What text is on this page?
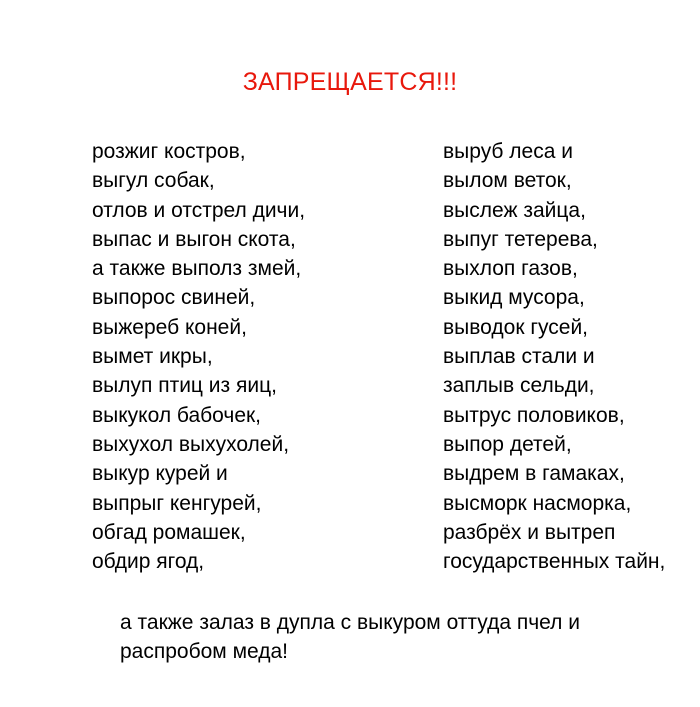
ЗАПРЕЩАЕТСЯ!!!
розжиг костров,
выгул собак,
отлов и отстрел дичи,
выпас и выгон скота,
а также выполз змей,
выпорос свиней,
выжереб коней,
вымет икры,
вылуп птиц из яиц,
выкукол бабочек,
выхухол выхухолей,
выкур курей и
выпрыг кенгурей,
обгад ромашек,
обдир ягод,
выруб леса и
вылом веток,
выслеж зайца,
выпуг тетерева,
выхлоп газов,
выкид мусора,
выводок гусей,
выплав стали и
заплыв сельди,
вытрус половиков,
выпор детей,
выдрем в гамаках,
высморк насморка,
разбрёх и вытреп
государственных тайн,
а также залаз в дупла с выкуром оттуда пчел и
распробом меда!
